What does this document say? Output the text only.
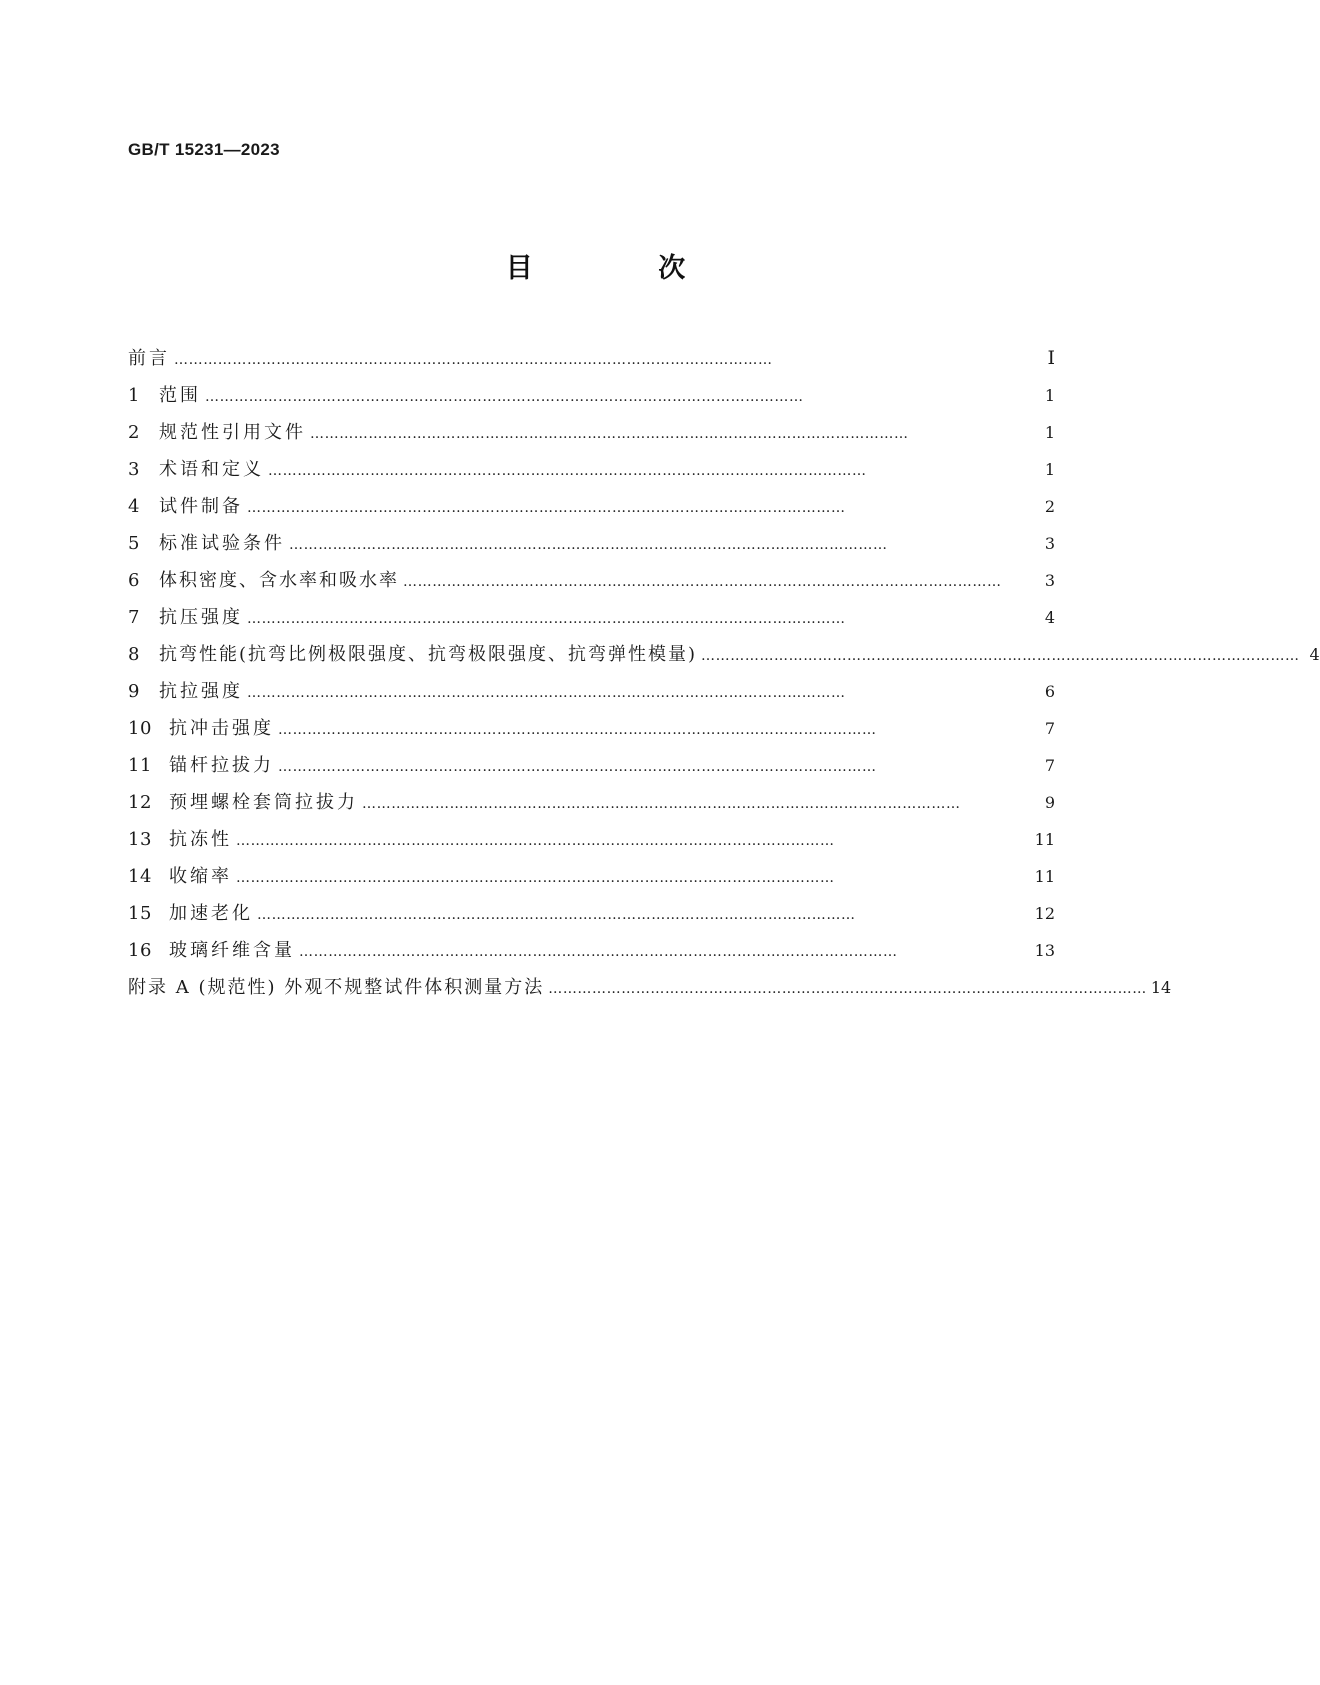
GB/T 15231—2023
目 次
前言 ……………………………………………………………………………………………………………	Ⅰ
1	范围 ……………………………………………………………………………………………………………	1
2	规范性引用文件 ……………………………………………………………………………………………………………	1
3	术语和定义 ……………………………………………………………………………………………………………	1
4	试件制备 ……………………………………………………………………………………………………………	2
5	标准试验条件 ……………………………………………………………………………………………………………	3
6	体积密度、含水率和吸水率 ……………………………………………………………………………………………………………	3
7	抗压强度 ……………………………………………………………………………………………………………	4
8	抗弯性能(抗弯比例极限强度、抗弯极限强度、抗弯弹性模量) …………………………………………………………………………………………………………… 4
9	抗拉强度 ……………………………………………………………………………………………………………	6
10 抗冲击强度 ……………………………………………………………………………………………………………	7
11 锚杆拉拔力 ……………………………………………………………………………………………………………	7
12 预埋螺栓套筒拉拔力 ……………………………………………………………………………………………………………	9
13 抗冻性 ……………………………………………………………………………………………………………	11
14 收缩率 ……………………………………………………………………………………………………………	11
15 加速老化 ……………………………………………………………………………………………………………	12
16 玻璃纤维含量 ……………………………………………………………………………………………………………	13
附录 A (规范性) 外观不规整试件体积测量方法 …………………………………………………………………………………………………………… 14
